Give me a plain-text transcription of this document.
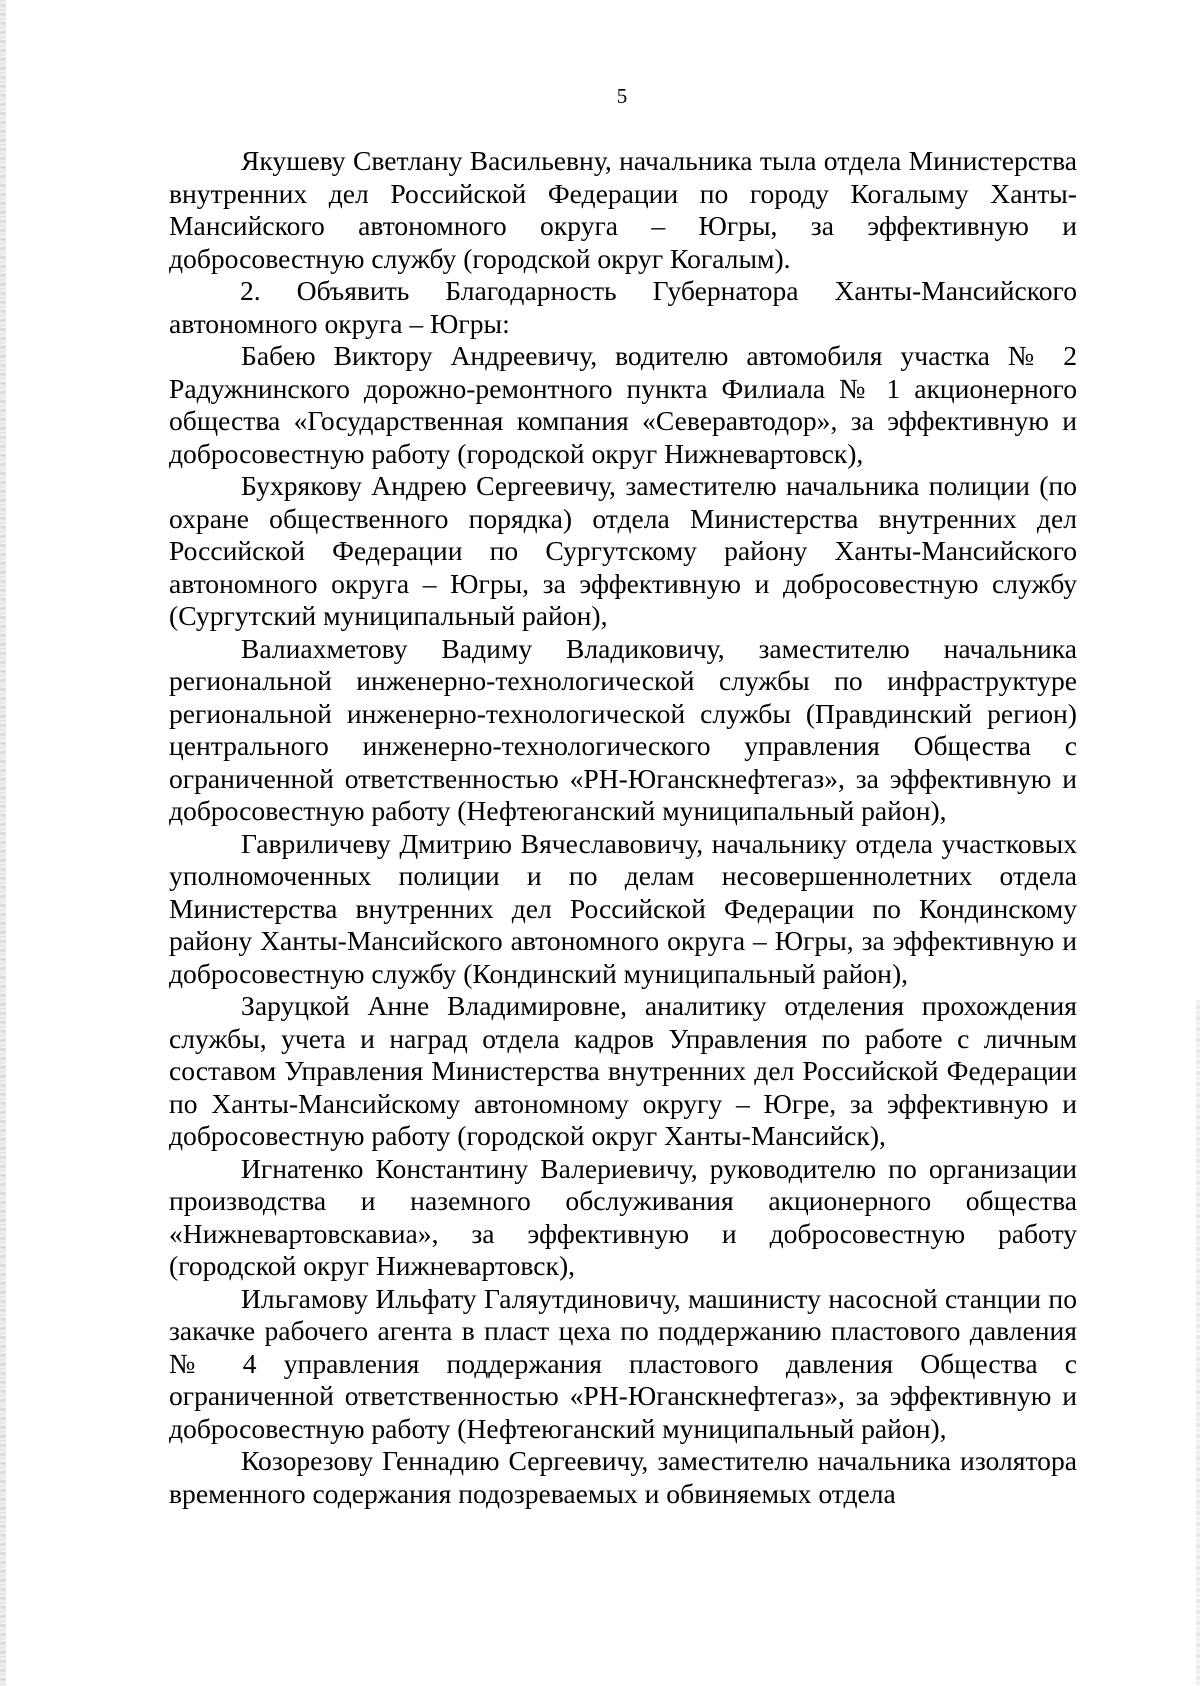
5

Якушеву Светлану Васильевну, начальника тыла отдела Министерства внутренних дел Российской Федерации по городу Когалыму Ханты-Мансийского автономного округа – Югры, за эффективную и добросовестную службу (городской округ Когалым).

2. Объявить Благодарность Губернатора Ханты-Мансийского автономного округа – Югры:

Бабею Виктору Андреевичу, водителю автомобиля участка № 2 Радужнинского дорожно-ремонтного пункта Филиала № 1 акционерного общества «Государственная компания «Северавтодор», за эффективную и добросовестную работу (городской округ Нижневартовск),

Бухрякову Андрею Сергеевичу, заместителю начальника полиции (по охране общественного порядка) отдела Министерства внутренних дел Российской Федерации по Сургутскому району Ханты-Мансийского автономного округа – Югры, за эффективную и добросовестную службу (Сургутский муниципальный район),

Валиахметову Вадиму Владиковичу, заместителю начальника региональной инженерно-технологической службы по инфраструктуре региональной инженерно-технологической службы (Правдинский регион) центрального инженерно-технологического управления Общества с ограниченной ответственностью «РН-Юганскнефтегаз», за эффективную и добросовестную работу (Нефтеюганский муниципальный район),

Гавриличеву Дмитрию Вячеславовичу, начальнику отдела участковых уполномоченных полиции и по делам несовершеннолетних отдела Министерства внутренних дел Российской Федерации по Кондинскому району Ханты-Мансийского автономного округа – Югры, за эффективную и добросовестную службу (Кондинский муниципальный район),

Заруцкой Анне Владимировне, аналитику отделения прохождения службы, учета и наград отдела кадров Управления по работе с личным составом Управления Министерства внутренних дел Российской Федерации по Ханты-Мансийскому автономному округу – Югре, за эффективную и добросовестную работу (городской округ Ханты-Мансийск),

Игнатенко Константину Валериевичу, руководителю по организации производства и наземного обслуживания акционерного общества «Нижневартовскавиа», за эффективную и добросовестную работу (городской округ Нижневартовск),

Ильгамову Ильфату Галяутдиновичу, машинисту насосной станции по закачке рабочего агента в пласт цеха по поддержанию пластового давления № 4 управления поддержания пластового давления Общества с ограниченной ответственностью «РН-Юганскнефтегаз», за эффективную и добросовестную работу (Нефтеюганский муниципальный район),

Козорезову Геннадию Сергеевичу, заместителю начальника изолятора временного содержания подозреваемых и обвиняемых отдела
